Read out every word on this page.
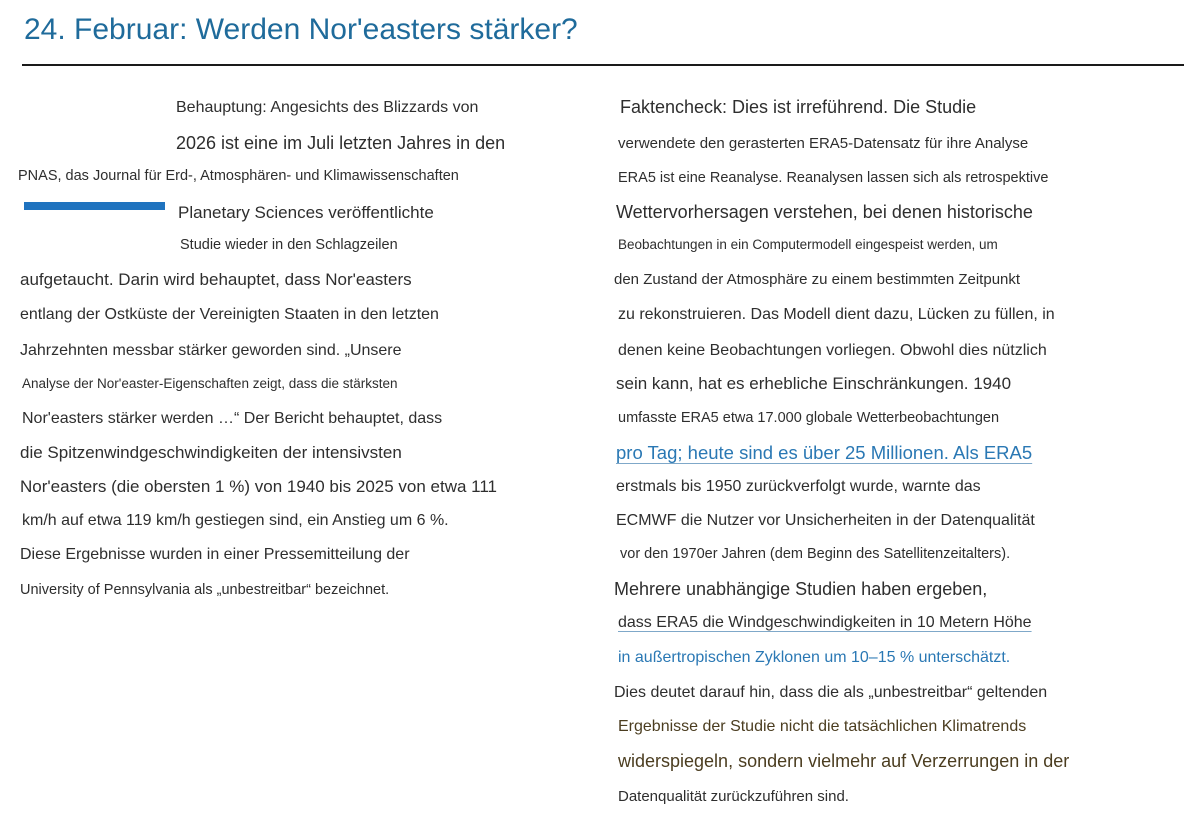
24. Februar: Werden Nor'easters stärker?
Behauptung: Angesichts des Blizzards von
2026 ist eine im Juli letzten Jahres in den
PNAS, das Journal für Erd-, Atmosphären- und Klimawissenschaften
Planetary Sciences veröffentlichte
Studie wieder in den Schlagzeilen
aufgetaucht. Darin wird behauptet, dass Nor'easters
entlang der Ostküste der Vereinigten Staaten in den letzten
Jahrzehnten messbar stärker geworden sind. „Unsere
Analyse der Nor'easter-Eigenschaften zeigt, dass die stärksten
Nor'easters stärker werden …“ Der Bericht behauptet, dass
die Spitzenwindgeschwindigkeiten der intensivsten
Nor'easters (die obersten 1 %) von 1940 bis 2025 von etwa 111
km/h auf etwa 119 km/h gestiegen sind, ein Anstieg um 6 %.
Diese Ergebnisse wurden in einer Pressemitteilung der
University of Pennsylvania als „unbestreitbar“ bezeichnet.
Faktencheck: Dies ist irreführend. Die Studie
verwendete den gerasterten ERA5-Datensatz für ihre Analyse
ERA5 ist eine Reanalyse. Reanalysen lassen sich als retrospektive
Wettervorhersagen verstehen, bei denen historische
Beobachtungen in ein Computermodell eingespeist werden, um
den Zustand der Atmosphäre zu einem bestimmten Zeitpunkt
zu rekonstruieren. Das Modell dient dazu, Lücken zu füllen, in
denen keine Beobachtungen vorliegen. Obwohl dies nützlich
sein kann, hat es erhebliche Einschränkungen. 1940
umfasste ERA5 etwa 17.000 globale Wetterbeobachtungen
pro Tag; heute sind es über 25 Millionen. Als ERA5
erstmals bis 1950 zurückverfolgt wurde, warnte das
ECMWF die Nutzer vor Unsicherheiten in der Datenqualität
vor den 1970er Jahren (dem Beginn des Satellitenzeitalters).
Mehrere unabhängige Studien haben ergeben,
dass ERA5 die Windgeschwindigkeiten in 10 Metern Höhe
in außertropischen Zyklonen um 10–15 % unterschätzt.
Dies deutet darauf hin, dass die als „unbestreitbar“ geltenden
Ergebnisse der Studie nicht die tatsächlichen Klimatrends
widerspiegeln, sondern vielmehr auf Verzerrungen in der
Datenqualität zurückzuführen sind.
